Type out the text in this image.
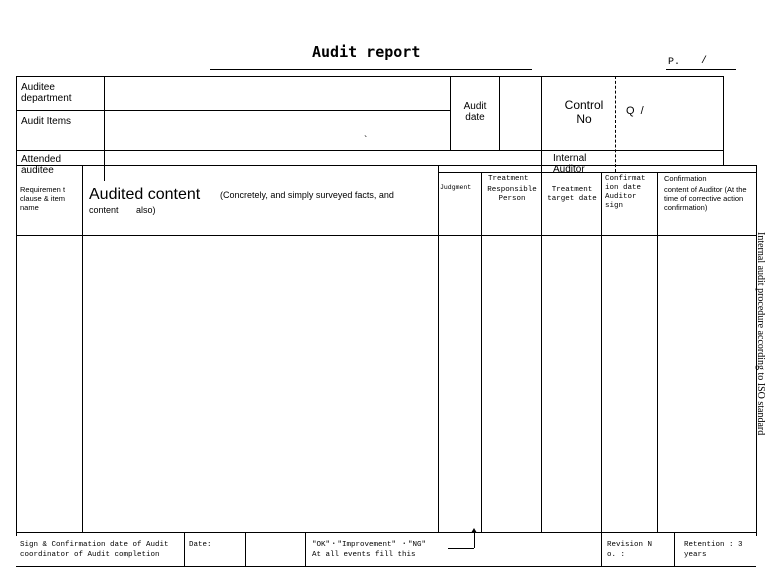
Audit report
P. /
Auditee department
Audit Items
`
Audit date
Control No
Q  /
Attended auditee
Internal Auditor
Requiremen t clause & item name
Audited content (Concretely, and simply surveyed facts, and
content       also)
Judgment
Treatment
Responsible Person
Treatment target date
Confirmat ion date Auditor sign
Confirmation
content of Auditor (At the time of corrective action confirmation)
Internal audit procedure according to ISO standard
Sign & Confirmation date of Audit
coordinator of Audit completion
Date:	"OK"・"Improvement" ・"NG"
At all events fill this
Revision N
o. :
Retention : 3
years
